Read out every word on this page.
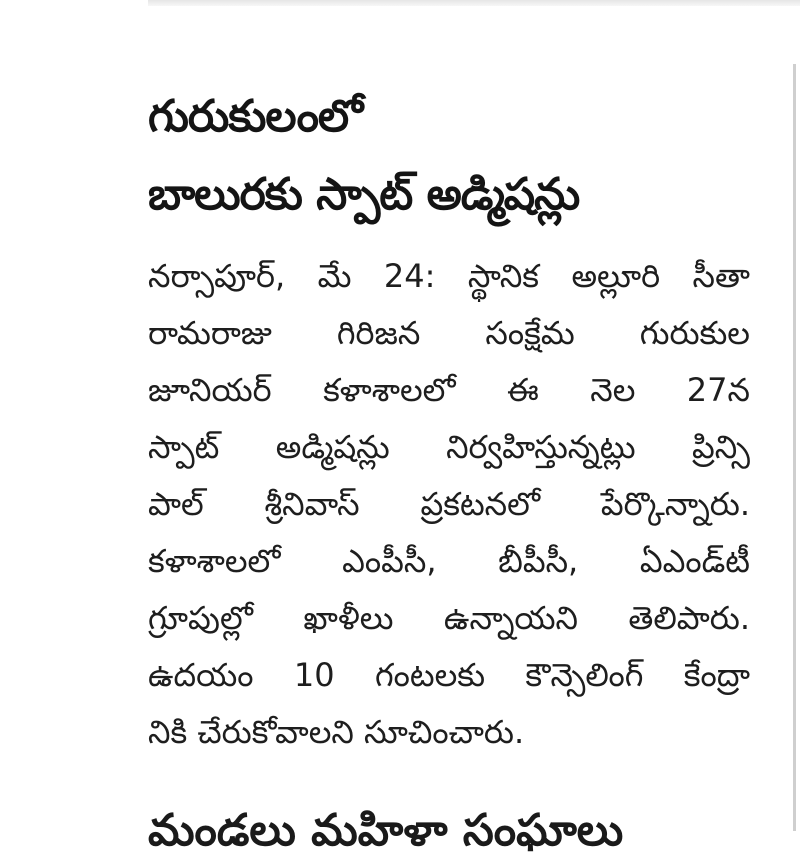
గురుకులంలో
బాలురకు స్పాట్ అడ్మిషన్లు
నర్సాపూర్, మే 24: స్థానిక అల్లూరి సీతా
రామరాజు గిరిజన సంక్షేమ గురుకుల
జూనియర్ కళాశాలలో ఈ నెల 27న
స్పాట్ అడ్మిషన్లు నిర్వహిస్తున్నట్లు ప్రిన్సి
పాల్ శ్రీనివాస్ ప్రకటనలో పేర్కొన్నారు.
కళాశాలలో ఎంపీసీ, బీపీసీ, ఏఎండ్‌టీ
గ్రూపుల్లో ఖాళీలు ఉన్నాయని తెలిపారు.
ఉదయం 10 గంటలకు కౌన్సెలింగ్ కేంద్రా
నికి చేరుకోవాలని సూచించారు.
మండలు మహిళా సంఘాలు
